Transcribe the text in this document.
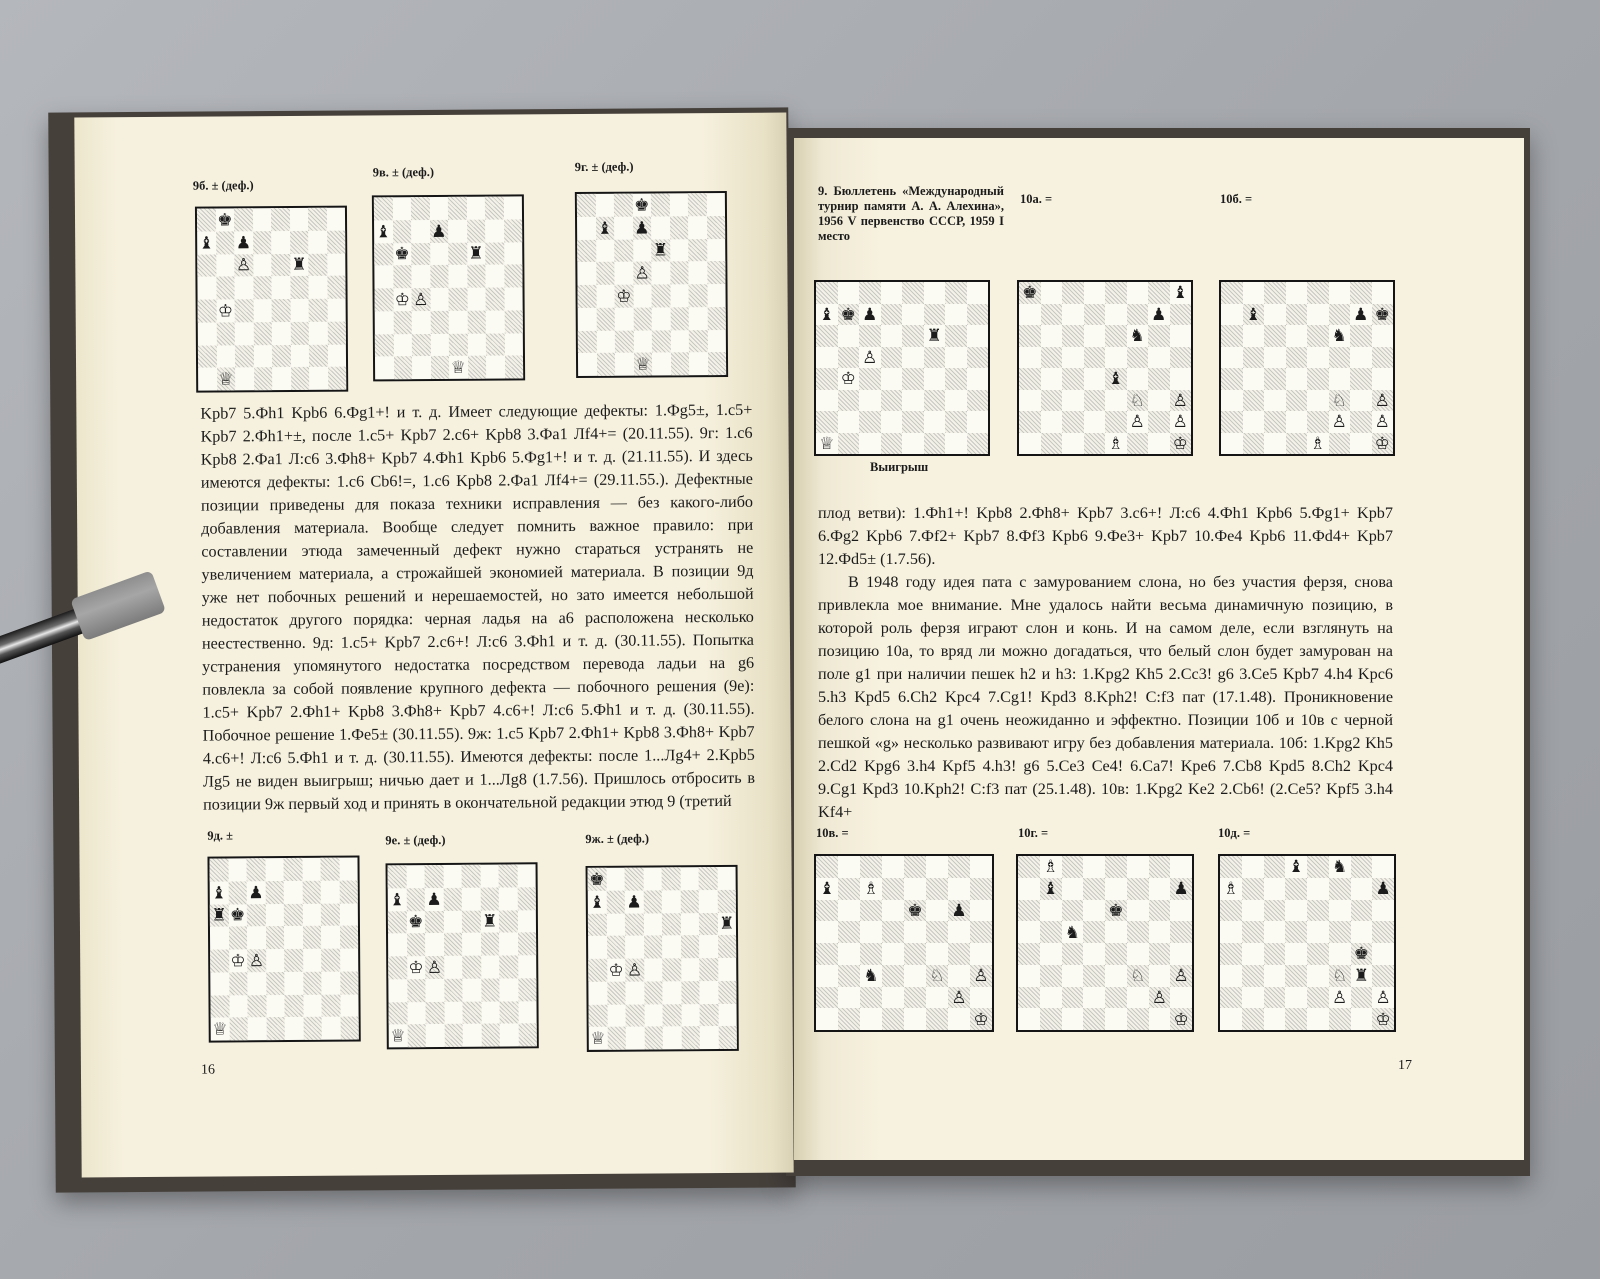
9б. ± (деф.)
9в. ± (деф.)	9г. ± (деф.)
♚
♝ ♟
♙ ♜
♔
♕
♝ ♟
♚	♜
♔ ♙
♕
♚
♝ ♟
♜
♙
♔
♕

Kpb7 5.Фh1 Kpb6 6.Фg1+! и т. д. Имеет следующие дефекты: 1.Фg5±, 1.c5+ Kpb7 2.Фh1+±, после 1.c5+ Kpb7 2.c6+ Kpb8 3.Фa1 Лf4+= (20.11.55). 9г: 1.c6 Kpb8 2.Фa1 Л:c6 3.Фh8+ Kpb7 4.Фh1 Kpb6 5.Фg1+! и т. д. (21.11.55). И здесь имеются дефекты: 1.c6 Cb6!=, 1.c6 Kpb8 2.Фa1 Лf4+= (29.11.55.). Дефектные позиции приведены для показа техники исправления — без какого-либо добавления материала. Вообще следует помнить важное правило: при составлении этюда замеченный дефект нужно стараться устранять не увеличением материала, а строжайшей экономией материала. В позиции 9д уже нет побочных решений и нерешаемостей, но зато имеется небольшой недостаток другого порядка: черная ладья на a6 расположена несколько неестественно. 9д: 1.c5+ Kpb7 2.c6+! Л:c6 3.Фh1 и т. д. (30.11.55). Попытка устранения упомянутого недостатка посредством перевода ладьи на g6 повлекла за собой появление крупного дефекта — побочного решения (9е): 1.c5+ Kpb7 2.Фh1+ Kpb8 3.Фh8+ Kpb7 4.c6+! Л:c6 5.Фh1 и т. д. (30.11.55). Побочное решение 1.Фe5± (30.11.55). 9ж: 1.c5 Kpb7 2.Фh1+ Kpb8 3.Фh8+ Kpb7 4.c6+! Л:c6 5.Фh1 и т. д. (30.11.55). Имеются дефекты: после 1...Лg4+ 2.Kpb5 Лg5 не виден выигрыш; ничью дает и 1...Лg8 (1.7.56). Пришлось отбросить в позиции 9ж первый ход и принять в окончательной редакции этюд 9 (третий

9д. ±	9е. ± (деф.)	9ж. ± (деф.)
♝ ♟
♜ ♚
♔ ♙
♕
♝ ♟
♚	♜
♔ ♙
♕
♚
♝ ♟
♜
♔ ♙
♕
16
9. Бюллетень «Международный турнир памяти А. А. Алехина», 1956 V первенство СССР, 1959 I место
10а. =	10б. =
♝ ♚ ♟
♜
♙
♔
♕
♚	♝
♟
♞
♝
♘ ♙
♙ ♙
♗	♔
♝	♟ ♚
♞
♘ ♙
♙ ♙
♗	♔
Выигрыш

плод ветви): 1.Фh1+! Kpb8 2.Фh8+ Kpb7 3.c6+! Л:c6 4.Фh1 Kpb6 5.Фg1+ Kpb7 6.Фg2 Kpb6 7.Фf2+ Kpb7 8.Фf3 Kpb6 9.Фe3+ Kpb7 10.Фe4 Kpb6 11.Фd4+ Kpb7 12.Фd5± (1.7.56).

В 1948 году идея пата с замурованием слона, но без участия ферзя, снова привлекла мое внимание. Мне удалось найти весьма динамичную позицию, в которой роль ферзя играют слон и конь. И на самом деле, если взглянуть на позицию 10а, то вряд ли можно догадаться, что белый слон будет замурован на поле g1 при наличии пешек h2 и h3: 1.Kpg2 Kh5 2.Cc3! g6 3.Ce5 Kpb7 4.h4 Kpc6 5.h3 Kpd5 6.Ch2 Kpc4 7.Cg1! Kpd3 8.Kph2! C:f3 пат (17.1.48). Проникновение белого слона на g1 очень неожиданно и эффектно. Позиции 10б и 10в с черной пешкой «g» несколько развивают игру без добавления материала. 10б: 1.Kpg2 Kh5 2.Cd2 Kpg6 3.h4 Kpf5 4.h3! g6 5.Ce3 Ce4! 6.Ca7! Kpe6 7.Cb8 Kpd5 8.Ch2 Kpc4 9.Cg1 Kpd3 10.Kph2! C:f3 пат (25.1.48). 10в: 1.Kpg2 Ke2 2.Cb6! (2.Ce5? Kpf5 3.h4 Kf4+

10в. =	10г. =	10д. =
♝ ♗
♚ ♟
♞	♘ ♙
♙
♔
♗
♝	♟
♚
♞
♘ ♙
♙
♔
♝ ♞
♗	♟
♚
♘ ♜
♙ ♙
♔
17
